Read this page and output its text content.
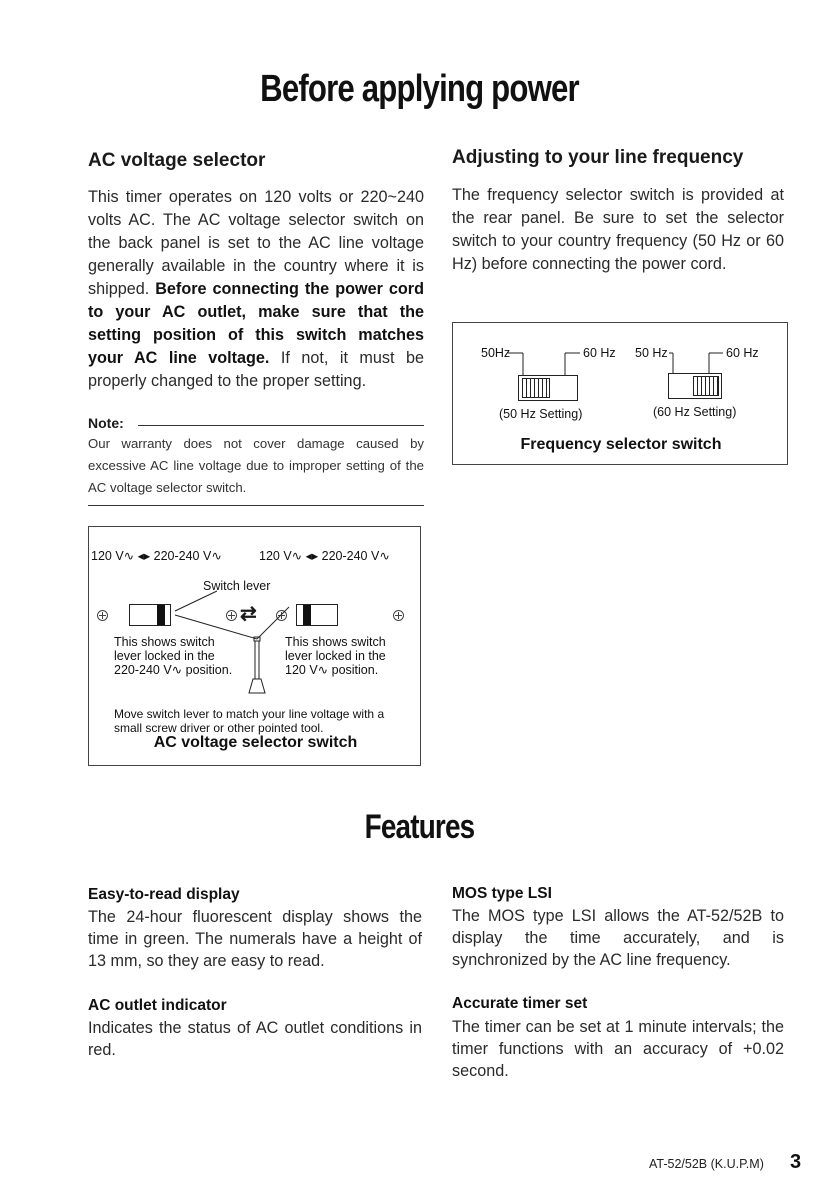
Before applying power
AC voltage selector
This timer operates on 120 volts or 220~240 volts AC. The AC voltage selector switch on the back panel is set to the AC line voltage generally available in the country where it is shipped. Before connecting the power cord to your AC outlet, make sure that the setting position of this switch matches your AC line voltage. If not, it must be properly changed to the proper setting.
Note:
Our warranty does not cover damage caused by excessive AC line voltage due to improper setting of the AC voltage selector switch.
120 V∿ ◂▸ 220-240 V∿	120 V∿ ◂▸ 220-240 V∿
Switch lever
⇄
This shows switch lever locked in the 220-240 V∿ position.
This shows switch lever locked in the 120 V∿ position.
Move switch lever to match your line voltage with a small screw driver or other pointed tool.
AC voltage selector switch
Adjusting to your line frequency
The frequency selector switch is provided at the rear panel. Be sure to set the selector switch to your country frequency (50 Hz or 60 Hz) before connecting the power cord.
50Hz	60 Hz 50 Hz	60 Hz
(50 Hz Setting)	(60 Hz Setting)
Frequency selector switch
Features
Easy-to-read display
The 24-hour fluorescent display shows the time in green. The numerals have a height of 13 mm, so they are easy to read.
AC outlet indicator
Indicates the status of AC outlet conditions in red.
MOS type LSI
The MOS type LSI allows the AT-52/52B to display the time accurately, and is synchronized by the AC line frequency.
Accurate timer set
The timer can be set at 1 minute intervals; the timer functions with an accuracy of +0.02 second.
AT-52/52B (K.U.P.M) 3
